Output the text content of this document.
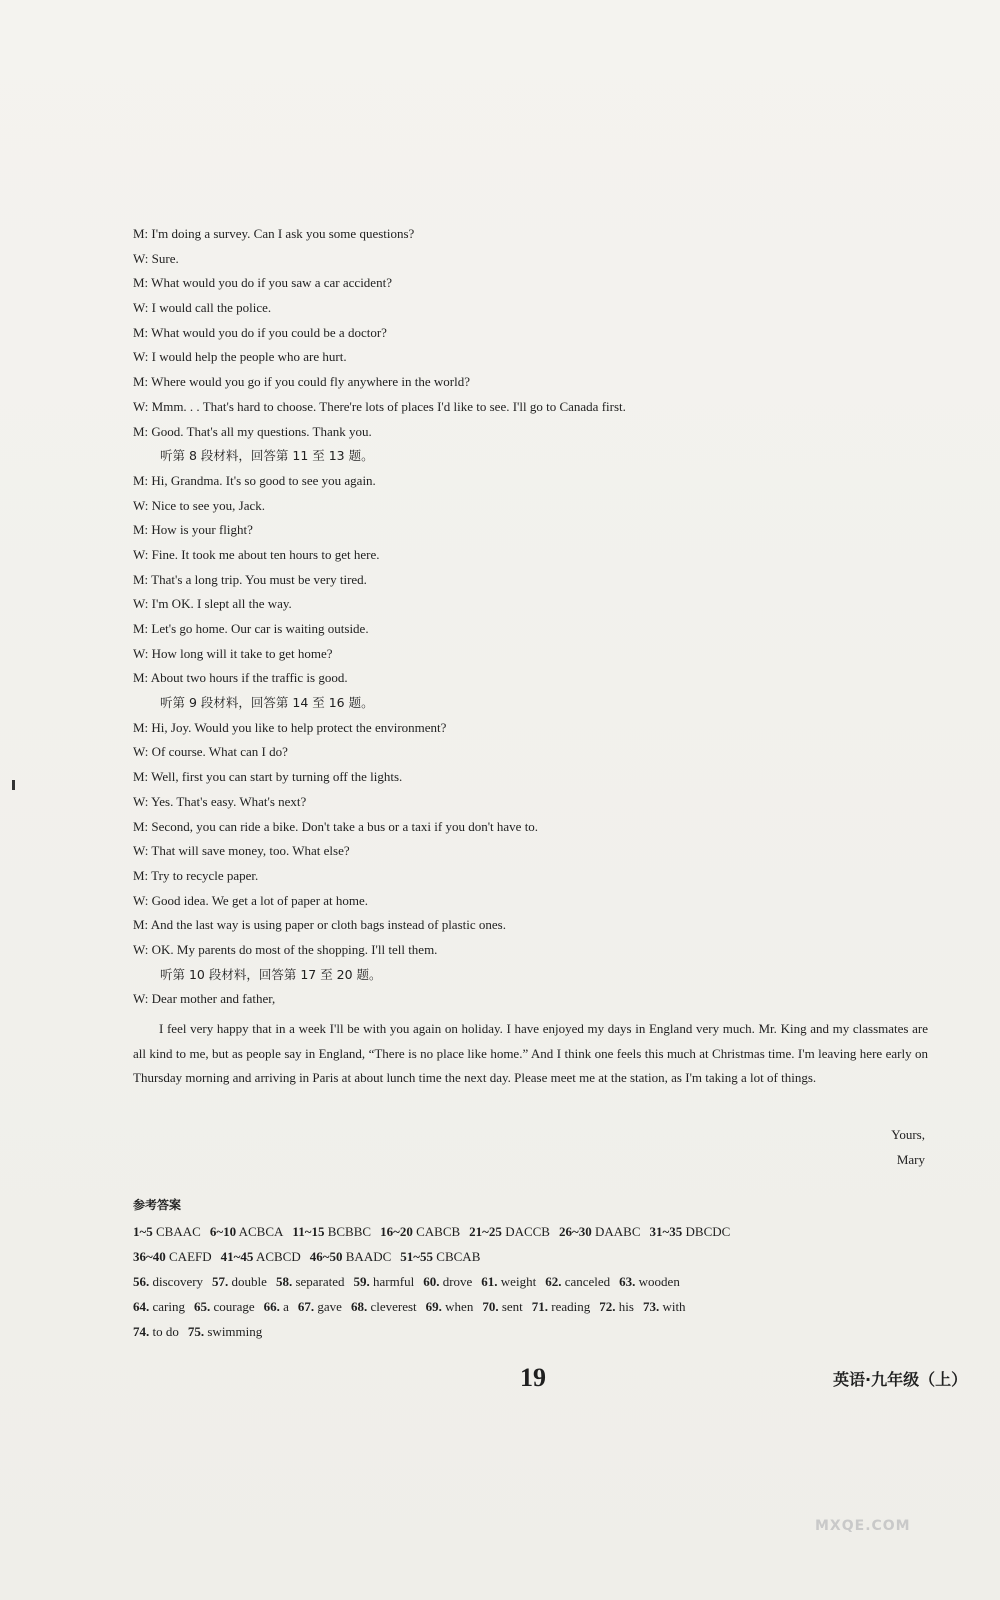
M: I'm doing a survey. Can I ask you some questions?
W: Sure.
M: What would you do if you saw a car accident?
W: I would call the police.
M: What would you do if you could be a doctor?
W: I would help the people who are hurt.
M: Where would you go if you could fly anywhere in the world?
W: Mmm. . . That's hard to choose. There're lots of places I'd like to see. I'll go to Canada first.
M: Good. That's all my questions. Thank you.
听第 8 段材料，回答第 11 至 13 题。
M: Hi, Grandma. It's so good to see you again.
W: Nice to see you, Jack.
M: How is your flight?
W: Fine. It took me about ten hours to get here.
M: That's a long trip. You must be very tired.
W: I'm OK. I slept all the way.
M: Let's go home. Our car is waiting outside.
W: How long will it take to get home?
M: About two hours if the traffic is good.
听第 9 段材料，回答第 14 至 16 题。
M: Hi, Joy. Would you like to help protect the environment?
W: Of course. What can I do?
M: Well, first you can start by turning off the lights.
W: Yes. That's easy. What's next?
M: Second, you can ride a bike. Don't take a bus or a taxi if you don't have to.
W: That will save money, too. What else?
M: Try to recycle paper.
W: Good idea. We get a lot of paper at home.
M: And the last way is using paper or cloth bags instead of plastic ones.
W: OK. My parents do most of the shopping. I'll tell them.
听第 10 段材料，回答第 17 至 20 题。
W: Dear mother and father,
I feel very happy that in a week I'll be with you again on holiday. I have enjoyed my days in England very much. Mr. King and my classmates are all kind to me, but as people say in England, “There is no place like home.” And I think one feels this much at Christmas time. I'm leaving here early on Thursday morning and arriving in Paris at about lunch time the next day. Please meet me at the station, as I'm taking a lot of things.
Yours,
Mary
参考答案
1~5 CBAAC 6~10 ACBCA 11~15 BCBBC 16~20 CABCB 21~25 DACCB 26~30 DAABC 31~35 DBCDC
36~40 CAEFD 41~45 ACBCD 46~50 BAADC 51~55 CBCAB
56. discovery 57. double 58. separated 59. harmful 60. drove 61. weight 62. canceled 63. wooden
64. caring 65. courage 66. a 67. gave 68. cleverest 69. when 70. sent 71. reading 72. his 73. with
74. to do 75. swimming
19	英语·九年级（上）
MXQE.COM
